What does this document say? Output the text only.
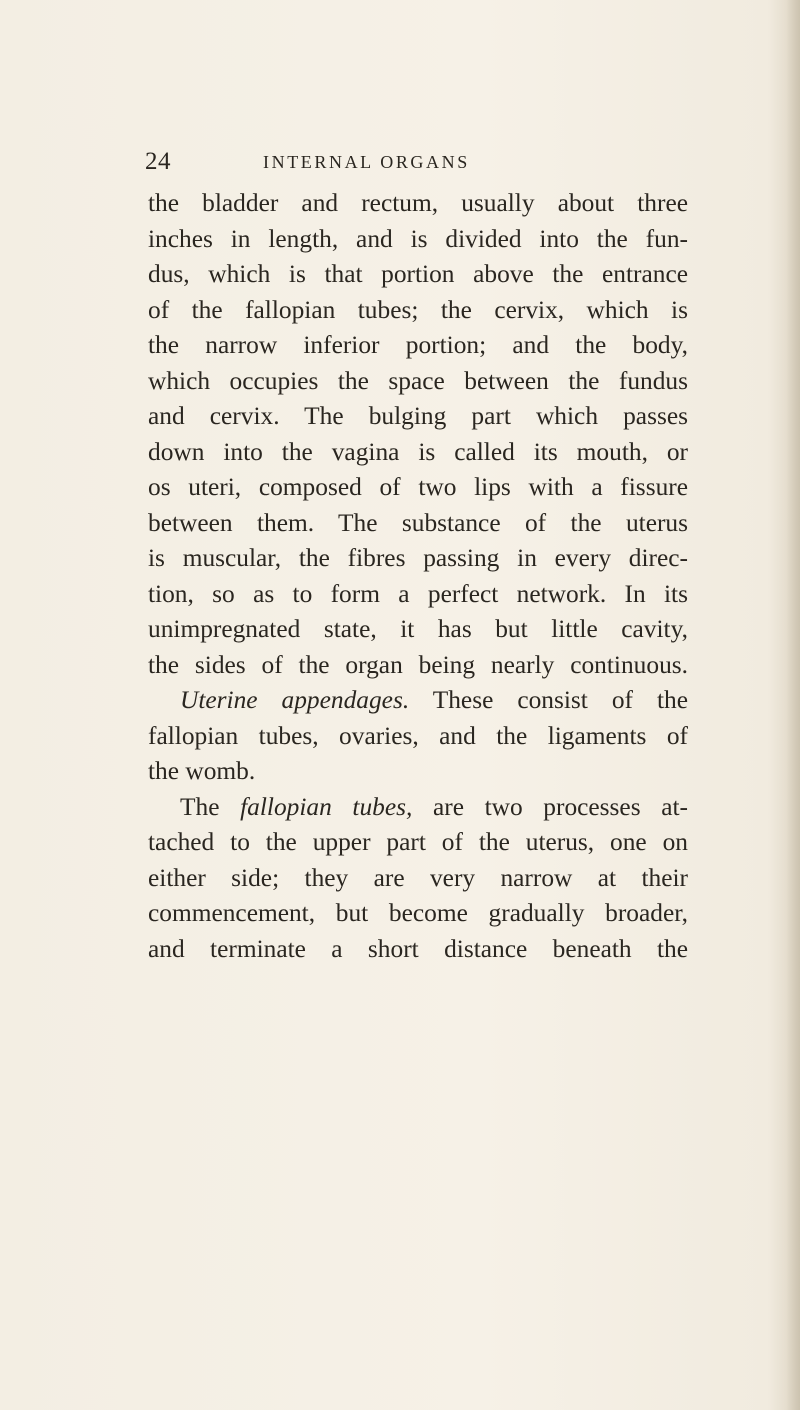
24	INTERNAL ORGANS
the bladder and rectum, usually about three
inches in length, and is divided into the fun-
dus, which is that portion above the entrance
of the fallopian tubes; the cervix, which is
the narrow inferior portion; and the body,
which occupies the space between the fundus
and cervix. The bulging part which passes
down into the vagina is called its mouth, or
os uteri, composed of two lips with a fissure
between them. The substance of the uterus
is muscular, the fibres passing in every direc-
tion, so as to form a perfect network. In its
unimpregnated state, it has but little cavity,
the sides of the organ being nearly continuous.
Uterine appendages. These consist of the
fallopian tubes, ovaries, and the ligaments of
the womb.
The fallopian tubes, are two processes at-
tached to the upper part of the uterus, one on
either side; they are very narrow at their
commencement, but become gradually broader,
and terminate a short distance beneath the
